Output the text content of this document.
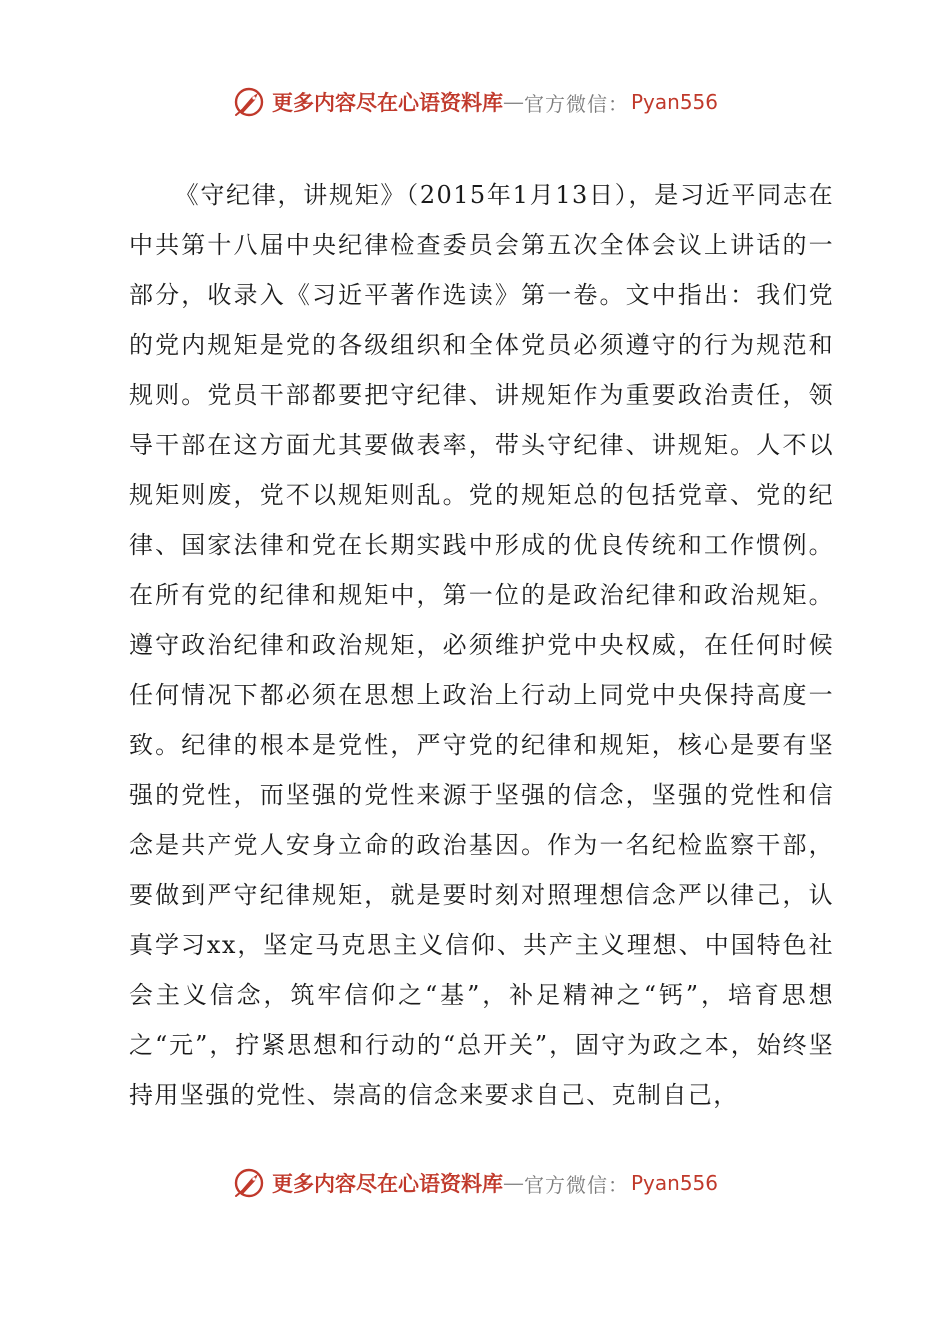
更多内容尽在心语资料库 — 官方微信： Pyan556

《守纪律，讲规矩》（2015年1月13日），是习近平同志在中共第十八届中央纪律检查委员会第五次全体会议上讲话的一部分，收录入《习近平著作选读》第一卷。文中指出：我们党的党内规矩是党的各级组织和全体党员必须遵守的行为规范和规则。党员干部都要把守纪律、讲规矩作为重要政治责任，领导干部在这方面尤其要做表率，带头守纪律、讲规矩。人不以规矩则废，党不以规矩则乱。党的规矩总的包括党章、党的纪律、国家法律和党在长期实践中形成的优良传统和工作惯例。在所有党的纪律和规矩中，第一位的是政治纪律和政治规矩。遵守政治纪律和政治规矩，必须维护党中央权威，在任何时候任何情况下都必须在思想上政治上行动上同党中央保持高度一致。纪律的根本是党性，严守党的纪律和规矩，核心是要有坚强的党性，而坚强的党性来源于坚强的信念，坚强的党性和信念是共产党人安身立命的政治基因。作为一名纪检监察干部，要做到严守纪律规矩，就是要时刻对照理想信念严以律己，认真学习xx，坚定马克思主义信仰、共产主义理想、中国特色社会主义信念，筑牢信仰之“基”，补足精神之“钙”，培育思想之“元”，拧紧思想和行动的“总开关”，固守为政之本，始终坚持用坚强的党性、崇高的信念来要求自己、克制自己，

更多内容尽在心语资料库 — 官方微信： Pyan556
